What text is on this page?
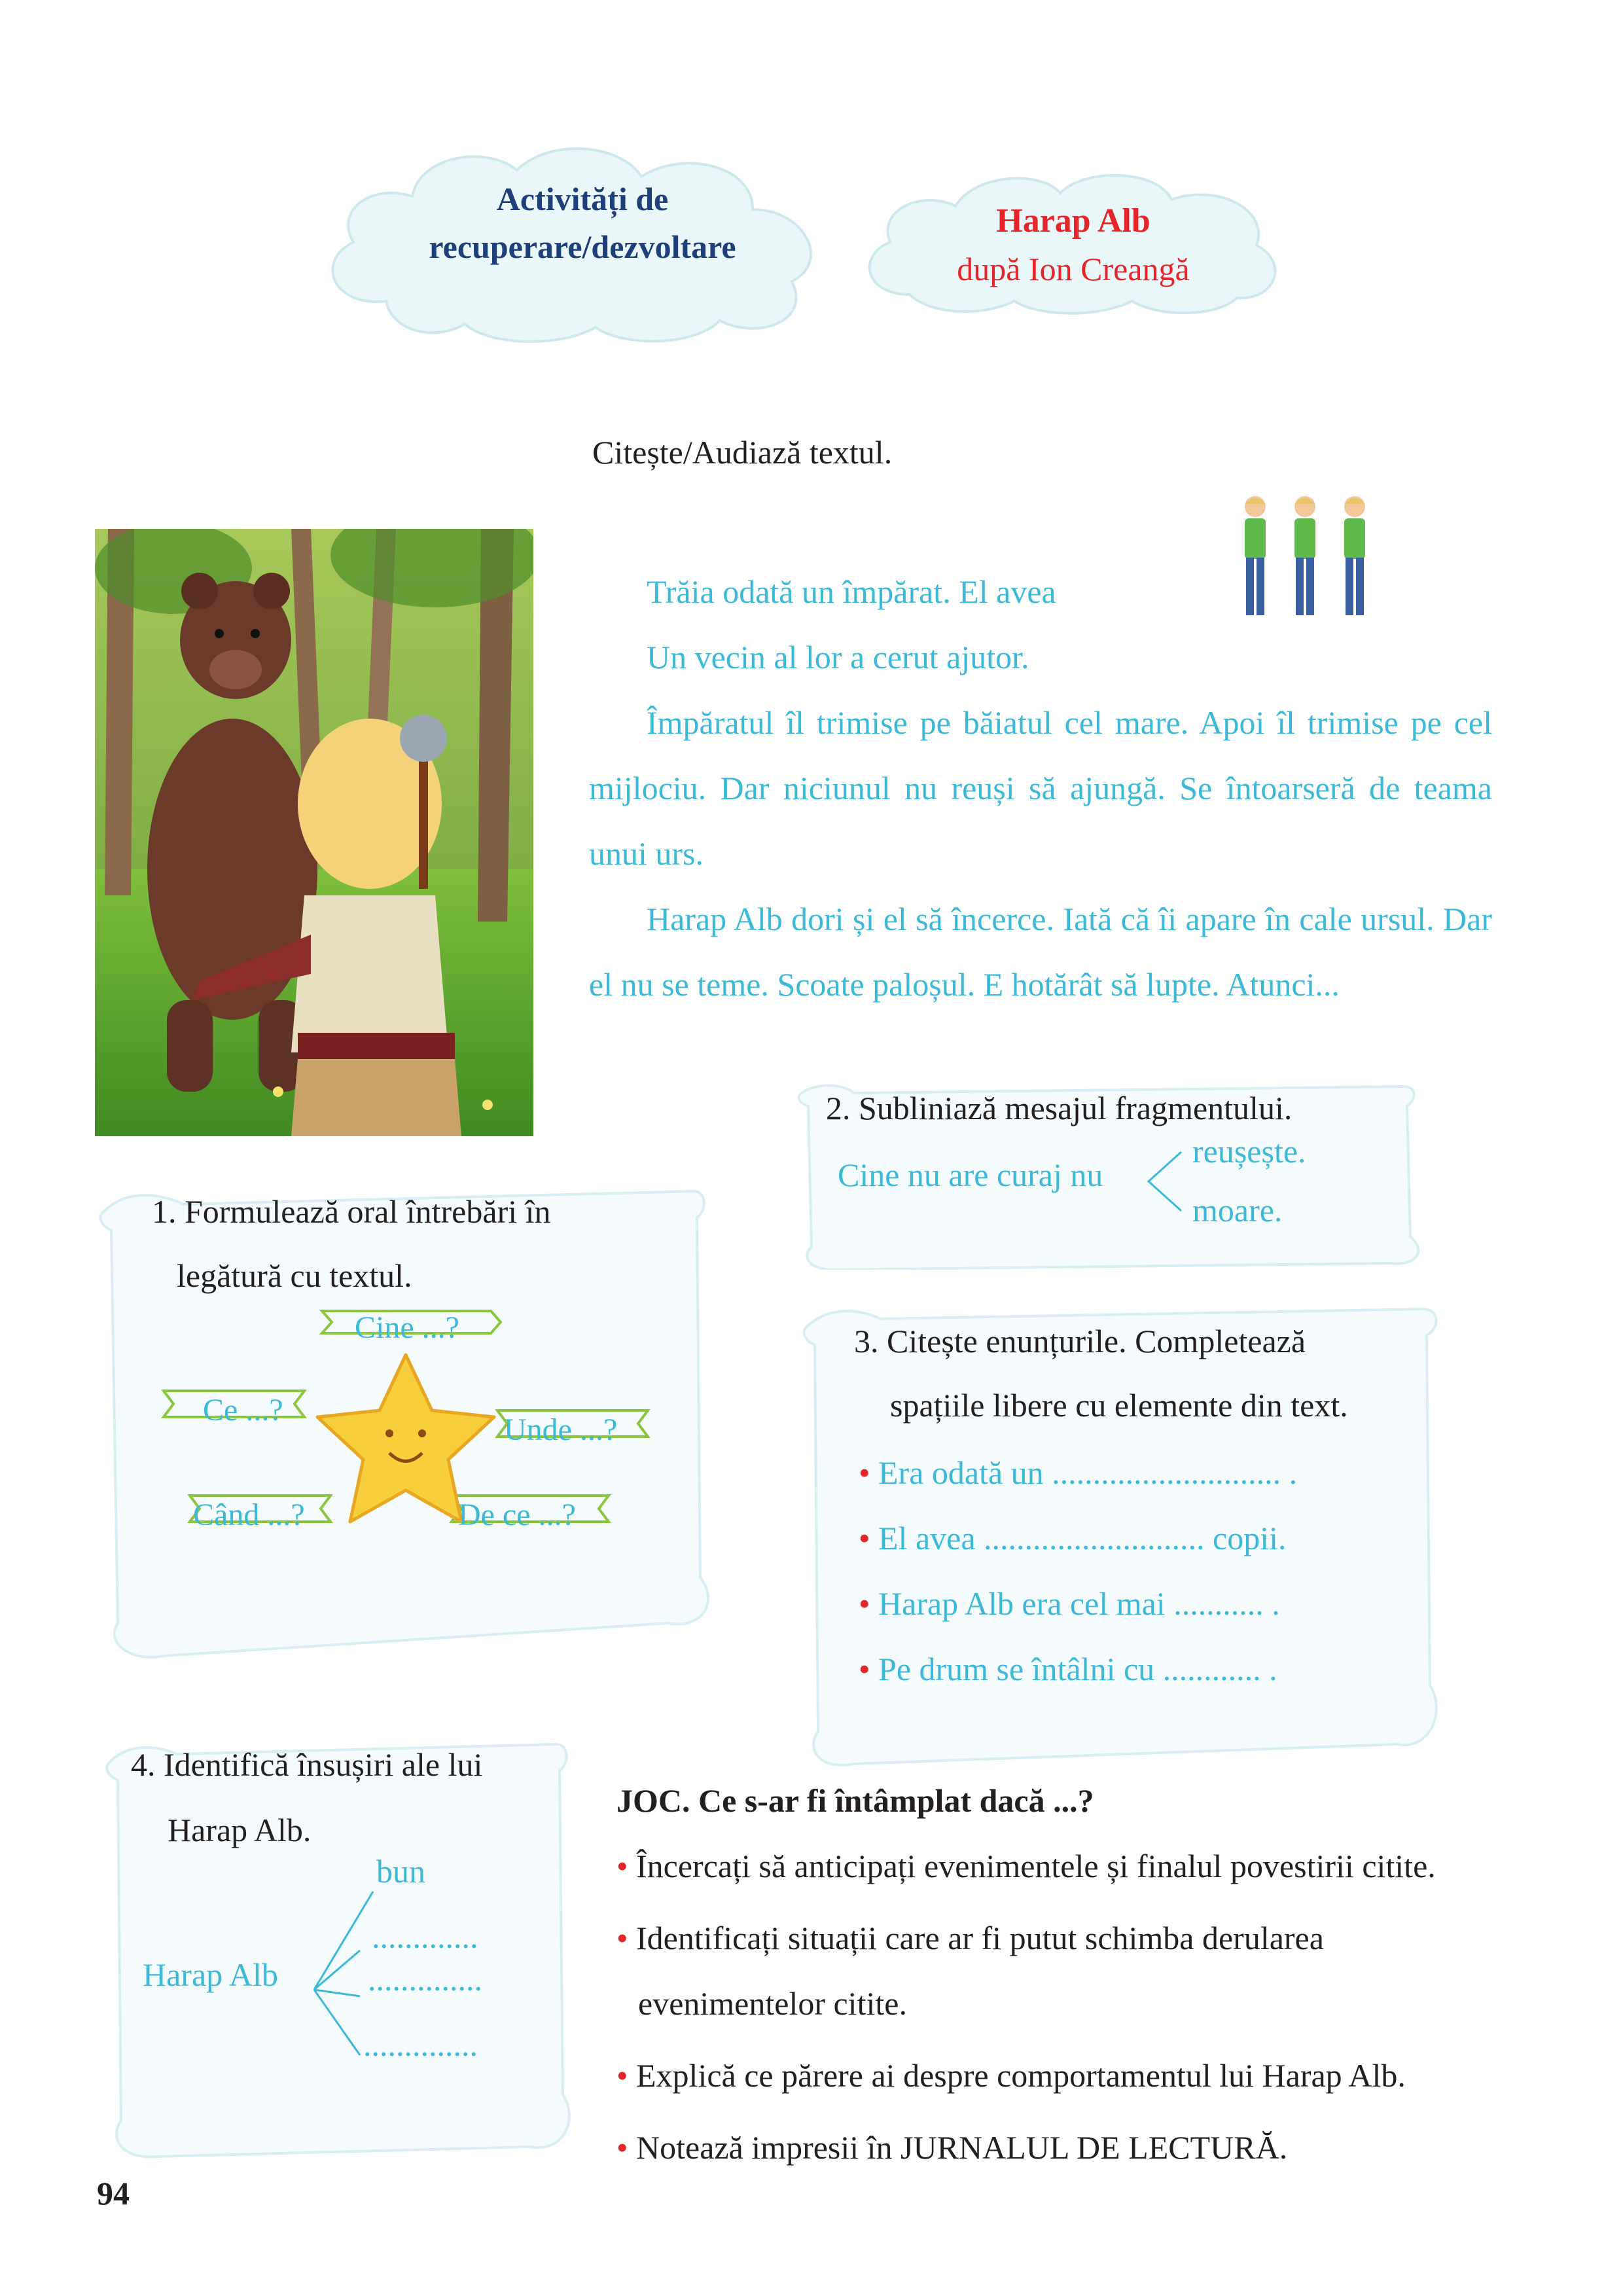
Activități de
recuperare/dezvoltare
Harap Alb
după Ion Creangă
Citește/Audiază textul.

Trăia odată un împărat. El avea

Un vecin al lor a cerut ajutor.

Împăratul îl trimise pe băiatul cel mare. Apoi îl trimise pe cel mijlociu. Dar niciunul nu reuși să ajungă. Se întoarseră de teama unui urs.

Harap Alb dori și el să încerce. Iată că îi apare în cale ursul. Dar el nu se teme. Scoate paloșul. E hotărât să lupte. Atunci...

1. Formulează oral întrebări în
legătură cu textul.
Cine ...?
Ce ...?
Unde ...?
Când ...?	De ce ...?
2. Subliniază mesajul fragmentului.
Cine nu are curaj nu
reușește.
moare.
3. Citește enunțurile. Completează
spațiile libere cu elemente din text.
• Era odată un ............................ .
• El avea ........................... copii.
• Harap Alb era cel mai ........... .
• Pe drum se întâlni cu ............ .
4. Identifică însușiri ale lui
Harap Alb.
Harap Alb
bun
.............
..............
..............
JOC. Ce s-ar fi întâmplat dacă ...?
• Încercați să anticipați evenimentele și finalul povestirii citite.
• Identificați situații care ar fi putut schimba derularea
evenimentelor citite.
• Explică ce părere ai despre comportamentul lui Harap Alb.
• Notează impresii în JURNALUL DE LECTURĂ.
94
